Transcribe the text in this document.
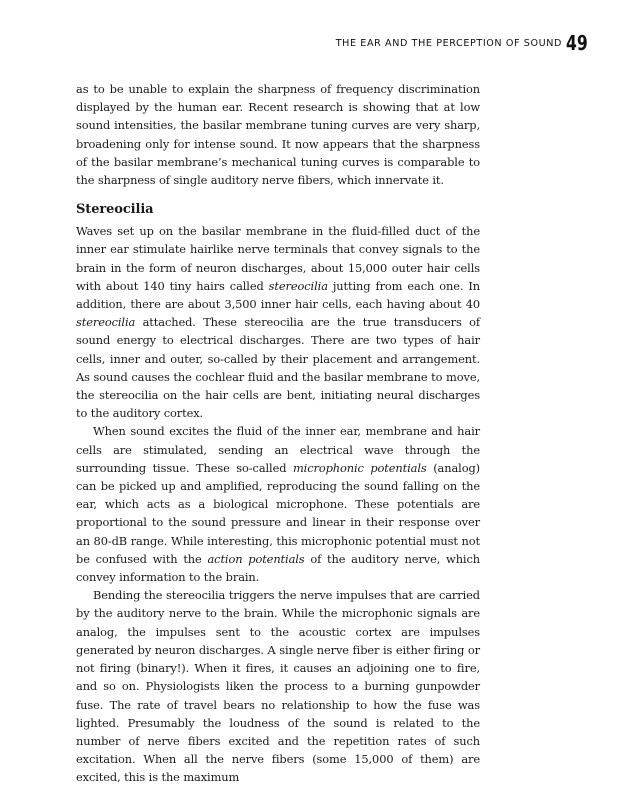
THE EAR AND THE PERCEPTION OF SOUND 49

as to be unable to explain the sharpness of frequency discrimination displayed by the human ear. Recent research is showing that at low sound intensities, the basilar membrane tuning curves are very sharp, broadening only for intense sound. It now appears that the sharpness of the basilar membrane’s mechanical tuning curves is comparable to the sharpness of single auditory nerve fibers, which innervate it.

Stereocilia

Waves set up on the basilar membrane in the fluid-filled duct of the inner ear stimulate hairlike nerve terminals that convey signals to the brain in the form of neuron discharges, about 15,000 outer hair cells with about 140 tiny hairs called stereocilia jutting from each one. In addition, there are about 3,500 inner hair cells, each having about 40 stereocilia attached. These stereocilia are the true transducers of sound energy to electrical discharges. There are two types of hair cells, inner and outer, so-called by their placement and arrangement. As sound causes the cochlear fluid and the basilar membrane to move, the stereocilia on the hair cells are bent, initiating neural discharges to the auditory cortex.

When sound excites the fluid of the inner ear, membrane and hair cells are stimulated, sending an electrical wave through the surrounding tissue. These so-called microphonic potentials (analog) can be picked up and amplified, reproducing the sound falling on the ear, which acts as a biological microphone. These potentials are proportional to the sound pressure and linear in their response over an 80-dB range. While interesting, this microphonic potential must not be confused with the action potentials of the auditory nerve, which convey information to the brain.

Bending the stereocilia triggers the nerve impulses that are carried by the auditory nerve to the brain. While the microphonic signals are analog, the impulses sent to the acoustic cortex are impulses generated by neuron discharges. A single nerve fiber is either firing or not firing (binary!). When it fires, it causes an adjoining one to fire, and so on. Physiologists liken the process to a burning gunpowder fuse. The rate of travel bears no relationship to how the fuse was lighted. Presumably the loudness of the sound is related to the number of nerve fibers excited and the repetition rates of such excitation. When all the nerve fibers (some 15,000 of them) are excited, this is the maximum
